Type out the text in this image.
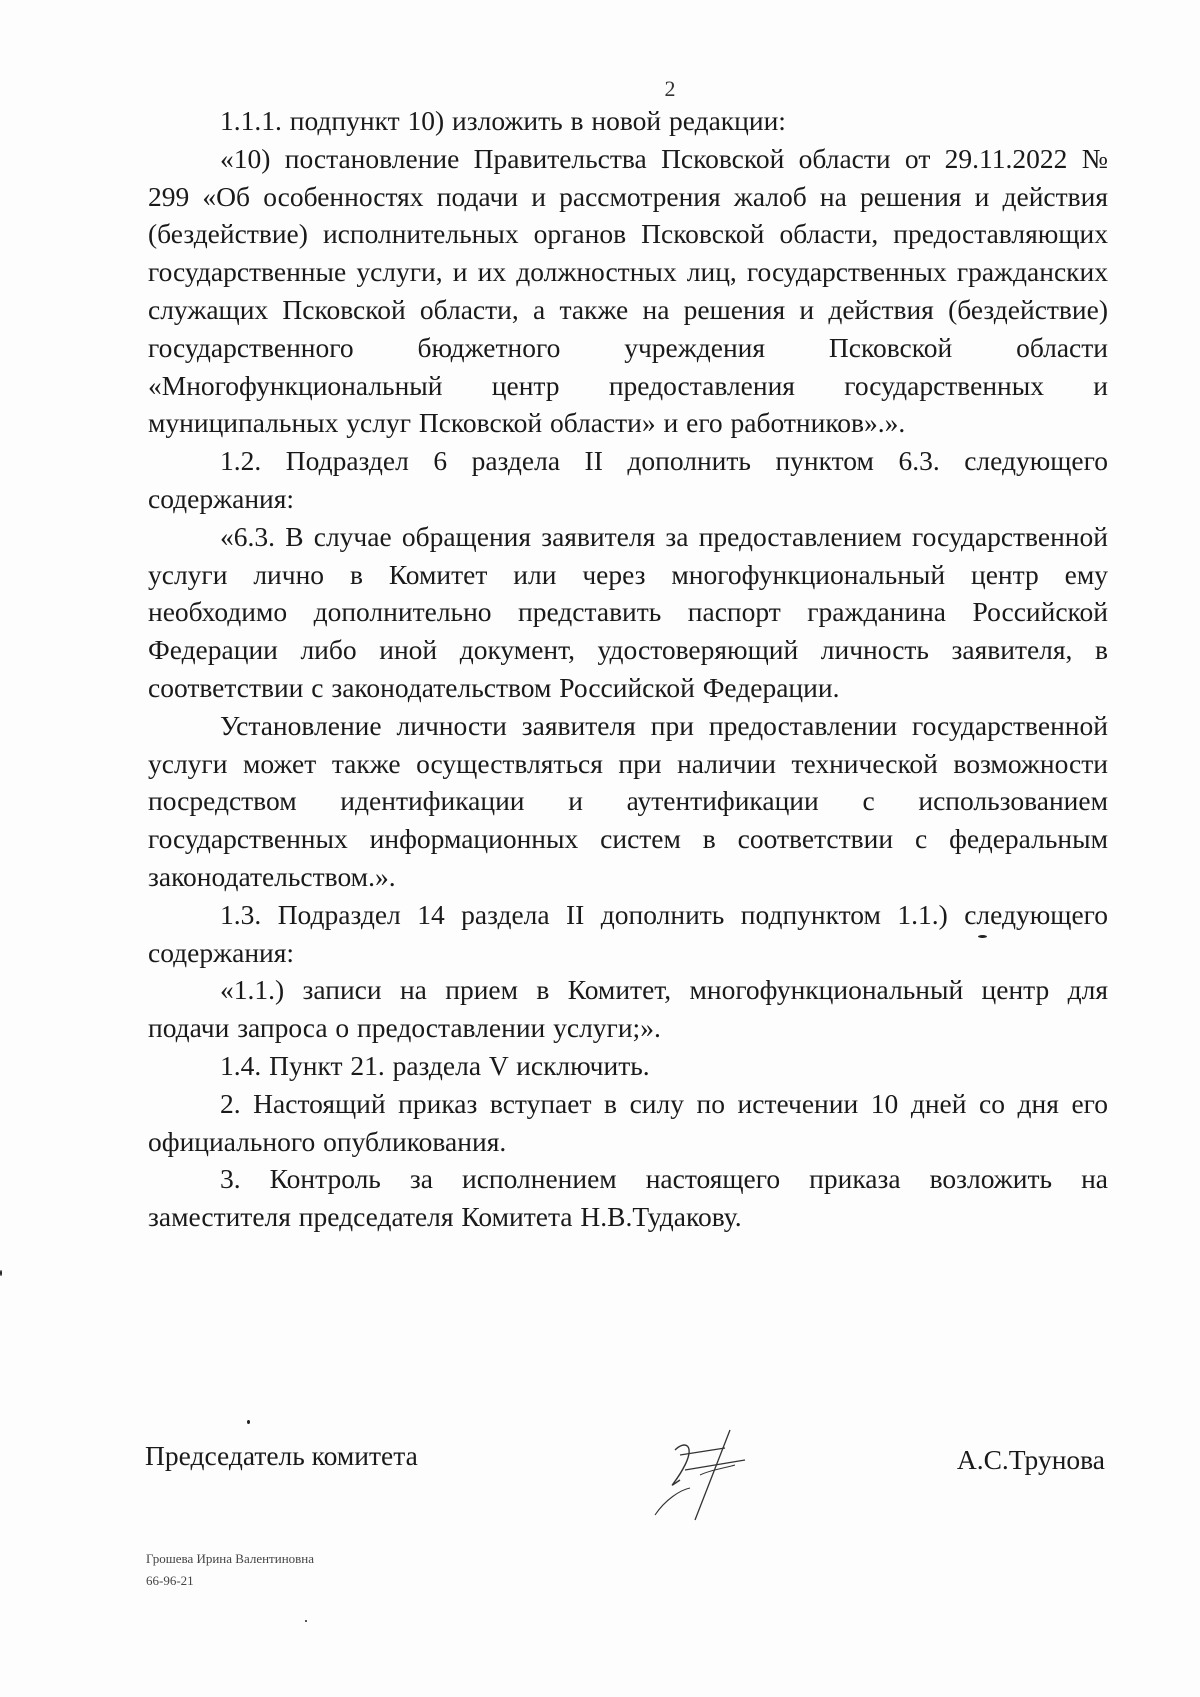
2

1.1.1. подпункт 10) изложить в новой редакции:

«10) постановление Правительства Псковской области от 29.11.2022 № 299 «Об особенностях подачи и рассмотрения жалоб на решения и действия (бездействие) исполнительных органов Псковской области, предоставляющих государственные услуги, и их должностных лиц, государственных гражданских служащих Псковской области, а также на решения и действия (бездействие) государственного бюджетного учреждения Псковской области «Многофункциональный центр предоставления государственных и муниципальных услуг Псковской области» и его работников».».

1.2. Подраздел 6 раздела II дополнить пунктом 6.3. следующего содержания:

«6.3. В случае обращения заявителя за предоставлением государственной услуги лично в Комитет или через многофункциональный центр ему необходимо дополнительно представить паспорт гражданина Российской Федерации либо иной документ, удостоверяющий личность заявителя, в соответствии с законодательством Российской Федерации.

Установление личности заявителя при предоставлении государственной услуги может также осуществляться при наличии технической возможности посредством идентификации и аутентификации с использованием государственных информационных систем в соответствии с федеральным законодательством.».

1.3. Подраздел 14 раздела II дополнить подпунктом 1.1.) следующего содержания:

«1.1.) записи на прием в Комитет, многофункциональный центр для подачи запроса о предоставлении услуги;».

1.4. Пункт 21. раздела V исключить.

2. Настоящий приказ вступает в силу по истечении 10 дней со дня его официального опубликования.

3. Контроль за исполнением настоящего приказа возложить на заместителя председателя Комитета Н.В.Тудакову.

Председатель комитета	А.С.Трунова
Грошева Ирина Валентиновна
66-96-21
